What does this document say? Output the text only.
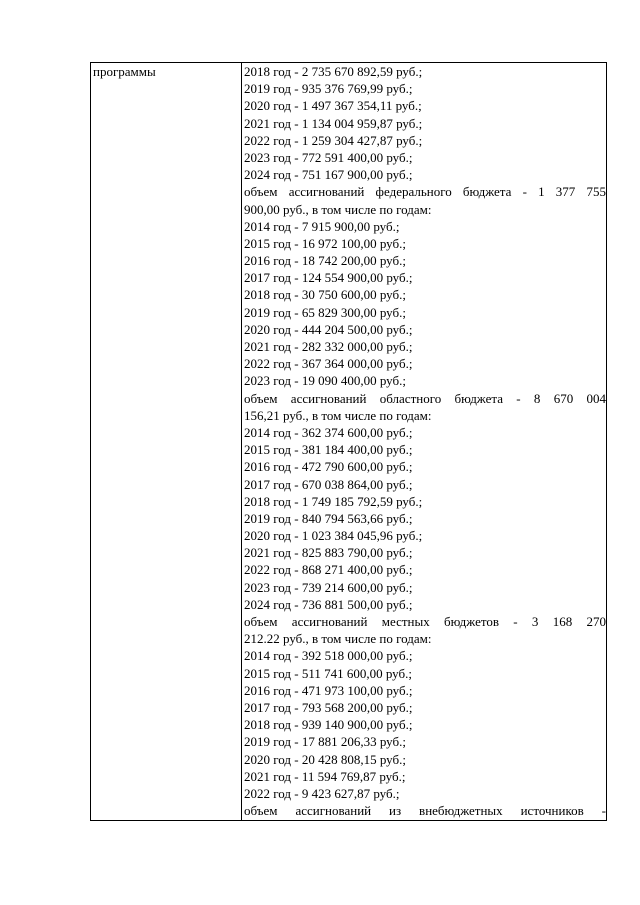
программы	2018 год - 2 735 670 892,59 руб.;
2019 год - 935 376 769,99 руб.;
2020 год - 1 497 367 354,11 руб.;
2021 год - 1 134 004 959,87 руб.;
2022 год - 1 259 304 427,87 руб.;
2023 год - 772 591 400,00 руб.;
2024 год - 751 167 900,00 руб.;
объем ассигнований федерального бюджета - 1 377 755
900,00 руб., в том числе по годам:
2014 год - 7 915 900,00 руб.;
2015 год - 16 972 100,00 руб.;
2016 год - 18 742 200,00 руб.;
2017 год - 124 554 900,00 руб.;
2018 год - 30 750 600,00 руб.;
2019 год - 65 829 300,00 руб.;
2020 год - 444 204 500,00 руб.;
2021 год - 282 332 000,00 руб.;
2022 год - 367 364 000,00 руб.;
2023 год - 19 090 400,00 руб.;
объем ассигнований областного бюджета - 8 670 004
156,21 руб., в том числе по годам:
2014 год - 362 374 600,00 руб.;
2015 год - 381 184 400,00 руб.;
2016 год - 472 790 600,00 руб.;
2017 год - 670 038 864,00 руб.;
2018 год - 1 749 185 792,59 руб.;
2019 год - 840 794 563,66 руб.;
2020 год - 1 023 384 045,96 руб.;
2021 год - 825 883 790,00 руб.;
2022 год - 868 271 400,00 руб.;
2023 год - 739 214 600,00 руб.;
2024 год - 736 881 500,00 руб.;
объем ассигнований местных бюджетов - 3 168 270
212.22 руб., в том числе по годам:
2014 год - 392 518 000,00 руб.;
2015 год - 511 741 600,00 руб.;
2016 год - 471 973 100,00 руб.;
2017 год - 793 568 200,00 руб.;
2018 год - 939 140 900,00 руб.;
2019 год - 17 881 206,33 руб.;
2020 год - 20 428 808,15 руб.;
2021 год - 11 594 769,87 руб.;
2022 год - 9 423 627,87 руб.;
объем ассигнований из внебюджетных источников -
